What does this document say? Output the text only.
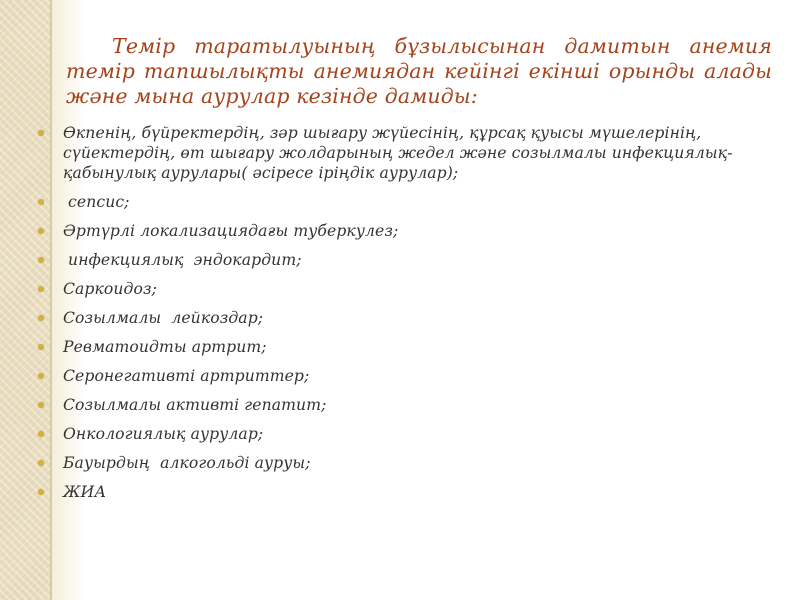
Темір таратылуының бұзылысынан дамитын анемия темір тапшылықты анемиядан кейінгі екінші орынды алады және мына аурулар кезінде дамиды:

Өкпенің, бүйректердің, зәр шығару жүйесінің, құрсақ қуысы мүшелерінің, сүйектердің, өт шығару жолдарының жедел және созылмалы инфекциялық- қабынулық аурулары( әсіресе іріңдік аурулар);
сепсис;
Әртүрлі локализациядағы туберкулез;
инфекциялық  эндокардит;
Саркоидоз;
Созылмалы  лейкоздар;
Ревматоидты артрит;
Серонегативті артриттер;
Созылмалы активті гепатит;
Онкологиялық аурулар;
Бауырдың  алкогольді ауруы;
ЖИА
